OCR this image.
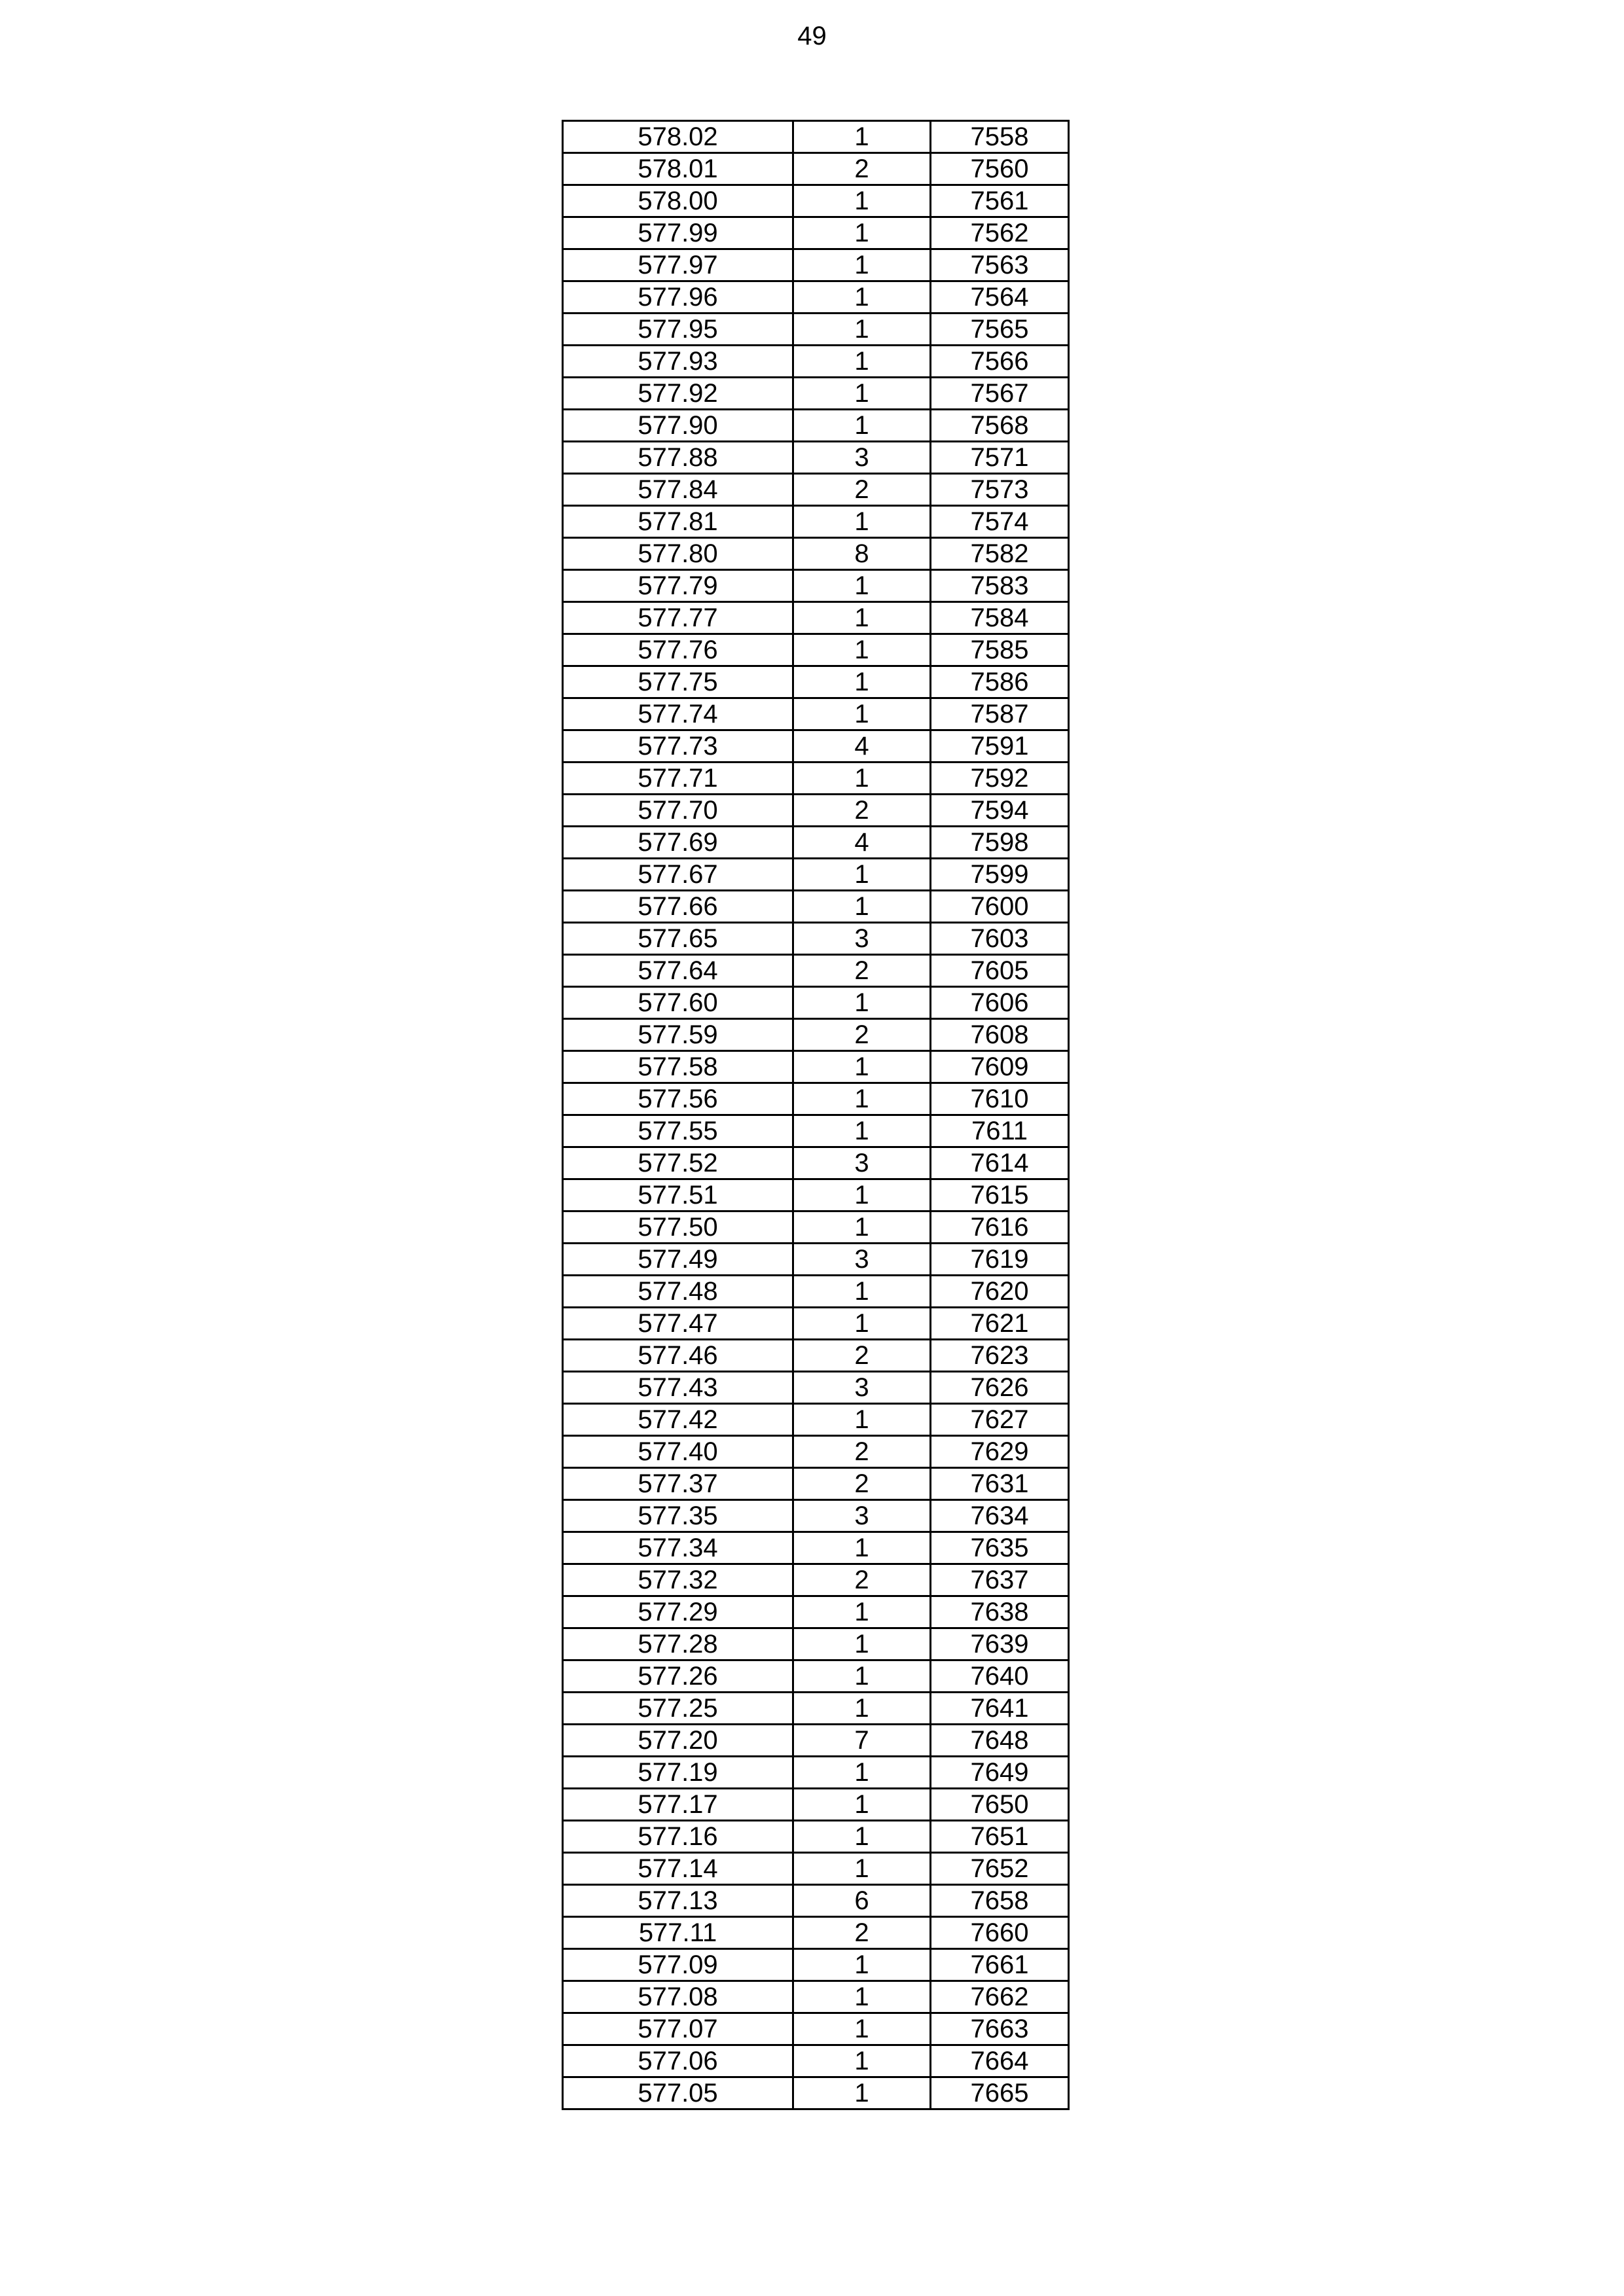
49
578.02	1	7558
578.01	2	7560
578.00	1	7561
577.99	1	7562
577.97	1	7563
577.96	1	7564
577.95	1	7565
577.93	1	7566
577.92	1	7567
577.90	1	7568
577.88	3	7571
577.84	2	7573
577.81	1	7574
577.80	8	7582
577.79	1	7583
577.77	1	7584
577.76	1	7585
577.75	1	7586
577.74	1	7587
577.73	4	7591
577.71	1	7592
577.70	2	7594
577.69	4	7598
577.67	1	7599
577.66	1	7600
577.65	3	7603
577.64	2	7605
577.60	1	7606
577.59	2	7608
577.58	1	7609
577.56	1	7610
577.55	1	7611
577.52	3	7614
577.51	1	7615
577.50	1	7616
577.49	3	7619
577.48	1	7620
577.47	1	7621
577.46	2	7623
577.43	3	7626
577.42	1	7627
577.40	2	7629
577.37	2	7631
577.35	3	7634
577.34	1	7635
577.32	2	7637
577.29	1	7638
577.28	1	7639
577.26	1	7640
577.25	1	7641
577.20	7	7648
577.19	1	7649
577.17	1	7650
577.16	1	7651
577.14	1	7652
577.13	6	7658
577.11	2	7660
577.09	1	7661
577.08	1	7662
577.07	1	7663
577.06	1	7664
577.05	1	7665
